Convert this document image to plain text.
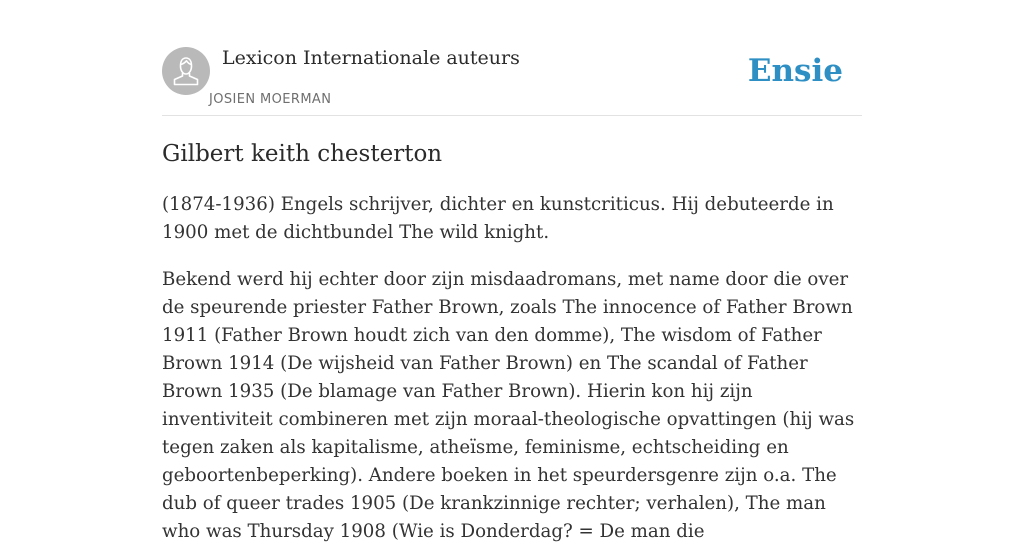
Lexicon Internationale auteurs
JOSIEN MOERMAN
Ensie
Gilbert keith chesterton

(1874-1936) Engels schrijver, dichter en kunstcriticus. Hij debuteerde in 1900 met de dichtbundel The wild knight.

Bekend werd hij echter door zijn misdaadromans, met name door die over de speurende priester Father Brown, zoals The innocence of Father Brown 1911 (Father Brown houdt zich van den domme), The wisdom of Father Brown 1914 (De wijsheid van Father Brown) en The scandal of Father Brown 1935 (De blamage van Father Brown). Hierin kon hij zijn inventiviteit combineren met zijn moraal-theologische opvattingen (hij was tegen zaken als kapitalisme, atheïsme, feminisme, echtscheiding en geboortenbeperking). Andere boeken in het speurdersgenre zijn o.a. The dub of queer trades 1905 (De krankzinnige rechter; verhalen), The man who was Thursday 1908 (Wie is Donderdag? = De man die
